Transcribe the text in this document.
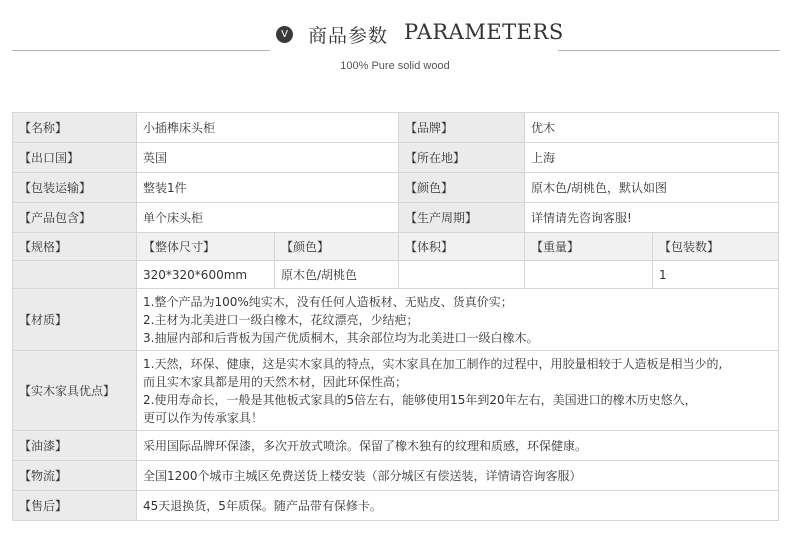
V 商品参数 PARAMETERS
100% Pure solid wood
【名称】	小插榫床头柜		【品牌】	优木	
【出口国】	英国		【所在地】	上海	
【包装运输】	整装1件		【颜色】	原木色/胡桃色，默认如图	
【产品包含】	单个床头柜		【生产周期】	详情请先咨询客服!	
【规格】	【整体尺寸】	【颜色】	【体积】	【重量】	【包装数】
	320*320*600mm	原木色/胡桃色			1
【材质】	1.整个产品为100%纯实木，没有任何人造板材、无贴皮、货真价实；
2.主材为北美进口一级白橡木，花纹漂亮，少结疤；
3.抽屉内部和后背板为国产优质桐木，其余部位均为北美进口一级白橡木。				

【实木家具优点】	1.天然，环保、健康，这是实木家具的特点，实木家具在加工制作的过程中，用胶量相较于人造板是相当少的,
而且实木家具都是用的天然木材，因此环保性高；
2.使用寿命长，一般是其他板式家具的5倍左右，能够使用15年到20年左右，美国进口的橡木历史悠久，
更可以作为传承家具！				

【油漆】	采用国际品牌环保漆，多次开放式喷涂。保留了橡木独有的纹理和质感，环保健康。				
【物流】	全国1200个城市主城区免费送货上楼安装（部分城区有偿送装，详情请咨询客服）				
【售后】	45天退换货，5年质保。随产品带有保修卡。				
